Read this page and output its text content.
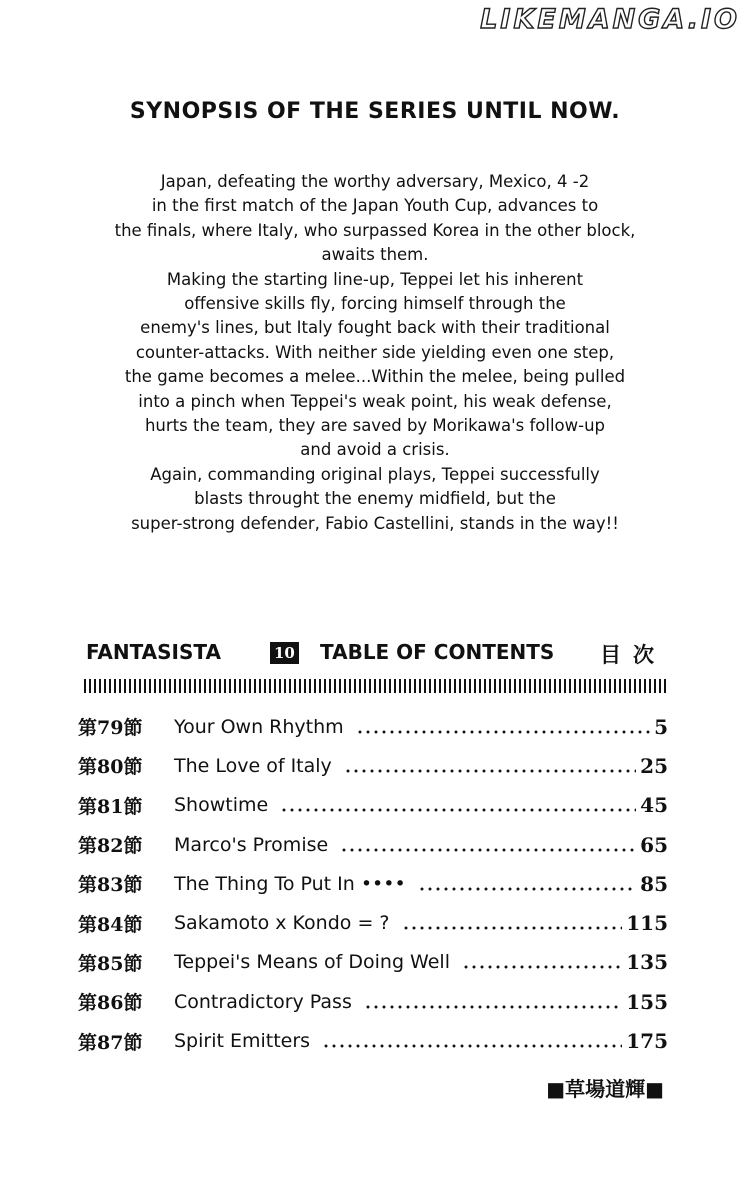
LIKEMANGA.IO
SYNOPSIS OF THE SERIES UNTIL NOW.

Japan, defeating the worthy adversary, Mexico, 4 -2
in the first match of the Japan Youth Cup, advances to
the finals, where Italy, who surpassed Korea in the other block,
awaits them.
Making the starting line-up, Teppei let his inherent
offensive skills fly, forcing himself through the
enemy's lines, but Italy fought back with their traditional
counter-attacks. With neither side yielding even one step,
the game becomes a melee...Within the melee, being pulled
into a pinch when Teppei's weak point, his weak defense,
hurts the team, they are saved by Morikawa's follow-up
and avoid a crisis.
Again, commanding original plays, Teppei successfully
blasts throught the enemy midfield, but the
super-strong defender, Fabio Castellini, stands in the way!!

FANTASISTA	10 TABLE OF CONTENTS 目次
第79節	Your Own Rhythm	5
第80節	The Love of Italy	25
第81節	Showtime	45
第82節	Marco's Promise	65
第83節	The Thing To Put In ••••	85
第84節	Sakamoto x Kondo = ?	115
第85節	Teppei's Means of Doing Well	135
第86節	Contradictory Pass	155
第87節	Spirit Emitters	175
■草場道輝■
